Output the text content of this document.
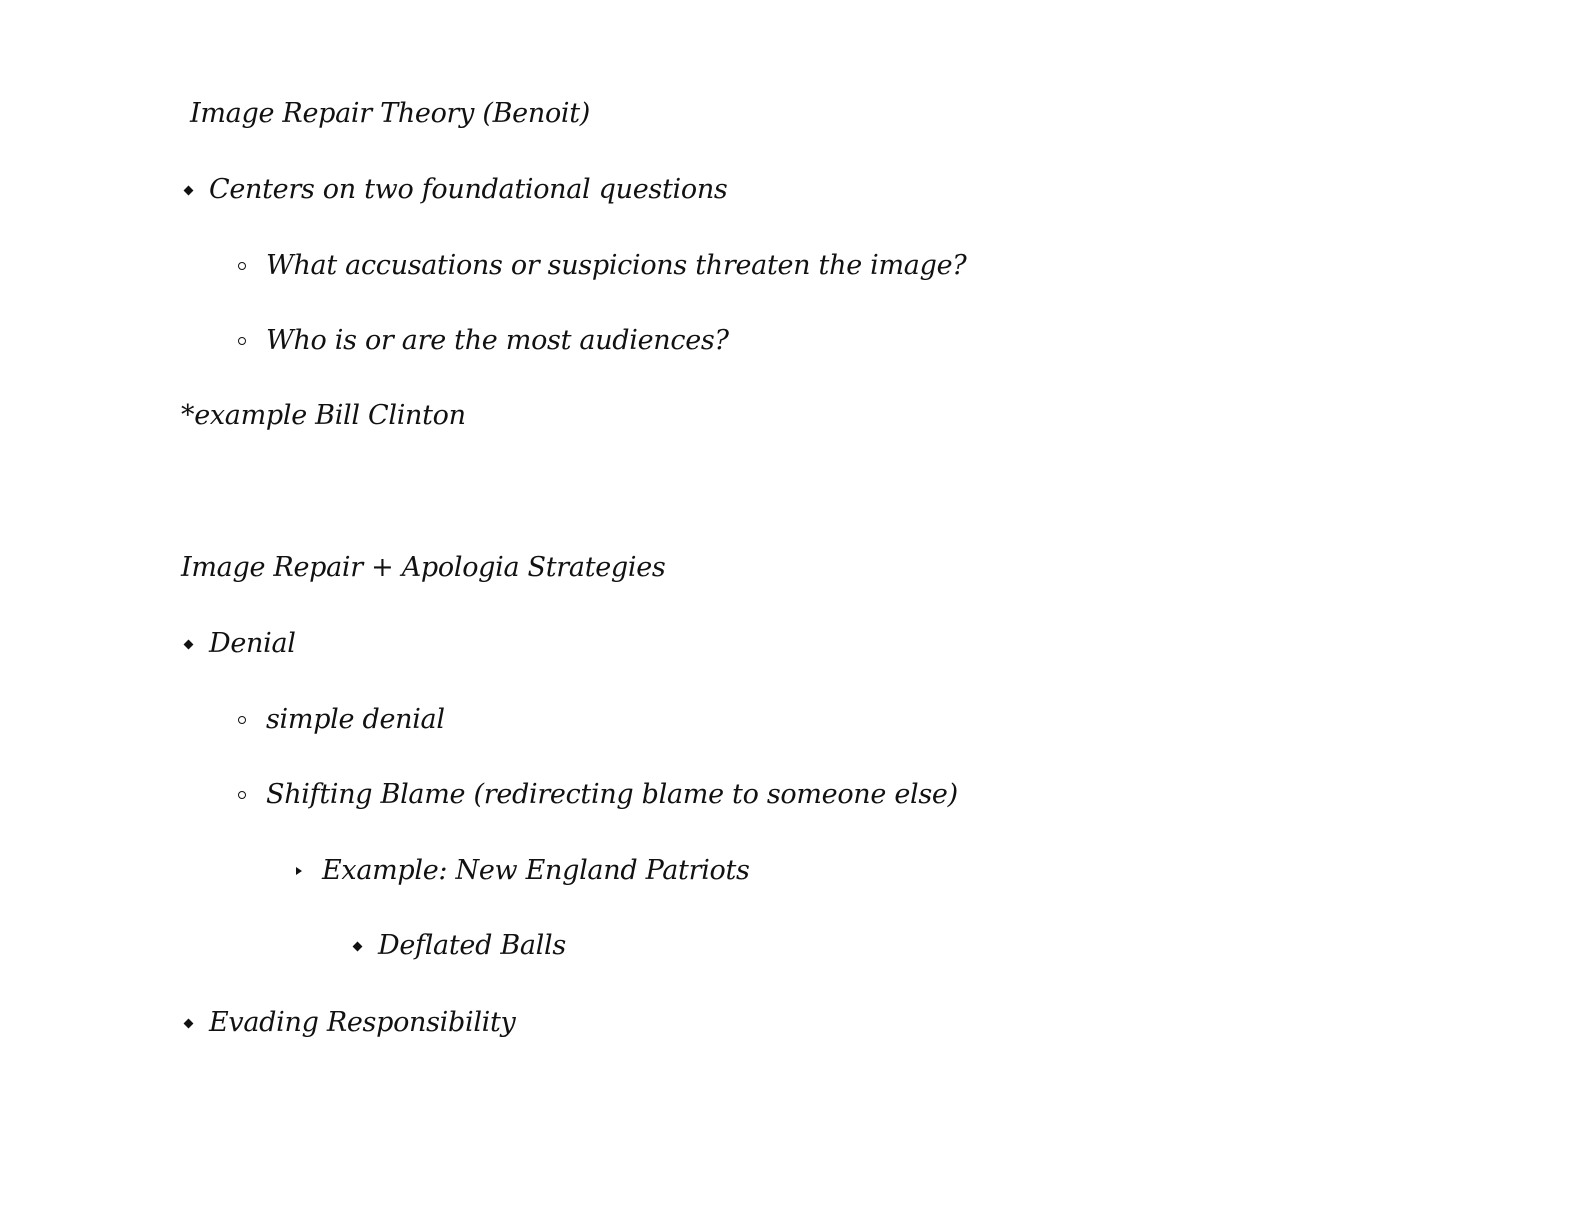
Image Repair Theory (Benoit)
Centers on two foundational questions
What accusations or suspicions threaten the image?
Who is or are the most audiences?
*example Bill Clinton
Image Repair + Apologia Strategies
Denial
simple denial
Shifting Blame (redirecting blame to someone else)
Example: New England Patriots
Deflated Balls
Evading Responsibility
